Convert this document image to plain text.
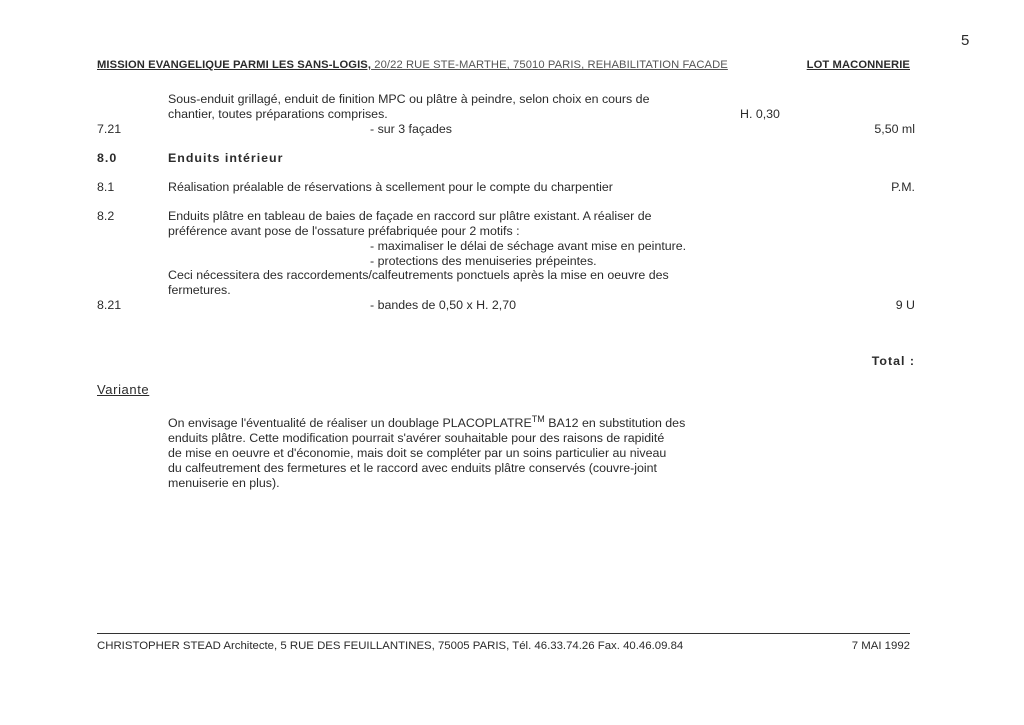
5
MISSION EVANGELIQUE PARMI LES SANS-LOGIS, 20/22 RUE STE-MARTHE, 75010 PARIS, REHABILITATION FACADE	LOT MACONNERIE
Sous-enduit grillagé, enduit de finition MPC ou plâtre à peindre, selon choix en cours de
chantier, toutes préparations comprises.	H. 0,30
7.21	- sur 3 façades	5,50 ml
8.0	Enduits intérieur
8.1	Réalisation préalable de réservations à scellement pour le compte du charpentier	P.M.
8.2	Enduits plâtre en tableau de baies de façade en raccord sur plâtre existant. A réaliser de
préférence avant pose de l'ossature préfabriquée pour 2 motifs :
- maximaliser le délai de séchage avant mise en peinture.
- protections des menuiseries prépeintes.
Ceci nécessitera des raccordements/calfeutrements ponctuels après la mise en oeuvre des
fermetures.
8.21	- bandes de 0,50 x H. 2,70	9 U
Total :
Variante
On envisage l'éventualité de réaliser un doublage PLACOPLATRE™ BA12 en substitution des
enduits plâtre. Cette modification pourrait s'avérer souhaitable pour des raisons de rapidité
de mise en oeuvre et d'économie, mais doit se compléter par un soins particulier au niveau
du calfeutrement des fermetures et le raccord avec enduits plâtre conservés (couvre-joint
menuiserie en plus).
CHRISTOPHER STEAD Architecte, 5 RUE DES FEUILLANTINES, 75005 PARIS, Tél. 46.33.74.26 Fax. 40.46.09.84	7 MAI 1992
